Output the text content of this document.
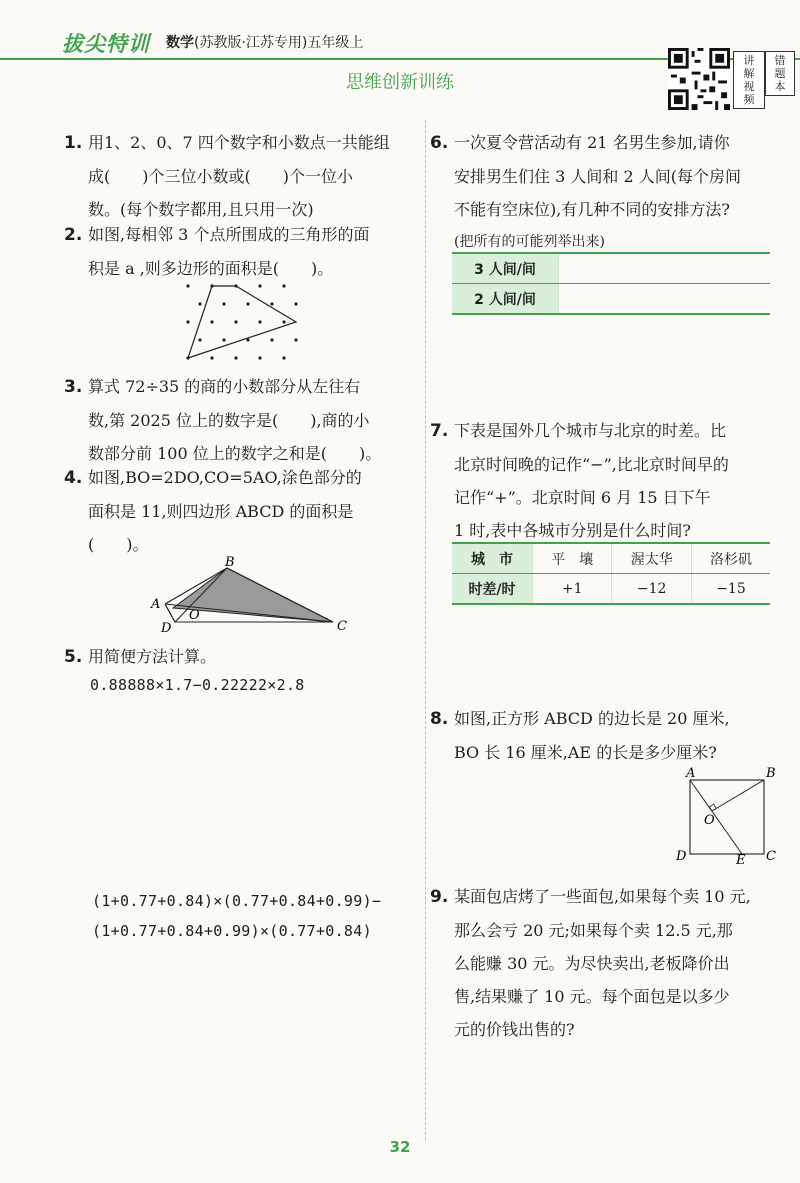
拔尖特训 数学(苏教版·江苏专用)五年级上
思维创新训练
讲
解
视
频
错
题
本

1. 用1、2、0、7 四个数字和小数点一共能组

成(　　)个三位小数或(　　)个一位小

数。(每个数字都用,且只用一次)

2. 如图,每相邻 3 个点所围成的三角形的面

积是 a ,则多边形的面积是(　　)。

3. 算式 72÷35 的商的小数部分从左往右

数,第 2025 位上的数字是(　　),商的小

数部分前 100 位上的数字之和是(　　)。

4. 如图,BO=2DO,CO=5AO,涂色部分的

面积是 11,则四边形 ABCD 的面积是

(　　)。

B
A
O
D	C

5. 用简便方法计算。

0.88888×1.7−0.22222×2.8
(1+0.77+0.84)×(0.77+0.84+0.99)−
(1+0.77+0.84+0.99)×(0.77+0.84)

6. 一次夏令营活动有 21 名男生参加,请你

安排男生们住 3 人间和 2 人间(每个房间

不能有空床位),有几种不同的安排方法?

(把所有的可能列举出来)

3 人间/间	
2 人间/间	

7. 下表是国外几个城市与北京的时差。比

北京时间晚的记作“−”,比北京时间早的

记作“+”。北京时间 6 月 15 日下午

1 时,表中各城市分别是什么时间?

城　市	平　壤	渥太华	洛杉矶
时差/时	+1	−12	−15

8. 如图,正方形 ABCD 的边长是 20 厘米,

BO 长 16 厘米,AE 的长是多少厘米?

A	B
O
D	E C

9. 某面包店烤了一些面包,如果每个卖 10 元,

那么会亏 20 元;如果每个卖 12.5 元,那

么能赚 30 元。为尽快卖出,老板降价出

售,结果赚了 10 元。每个面包是以多少

元的价钱出售的?

32
